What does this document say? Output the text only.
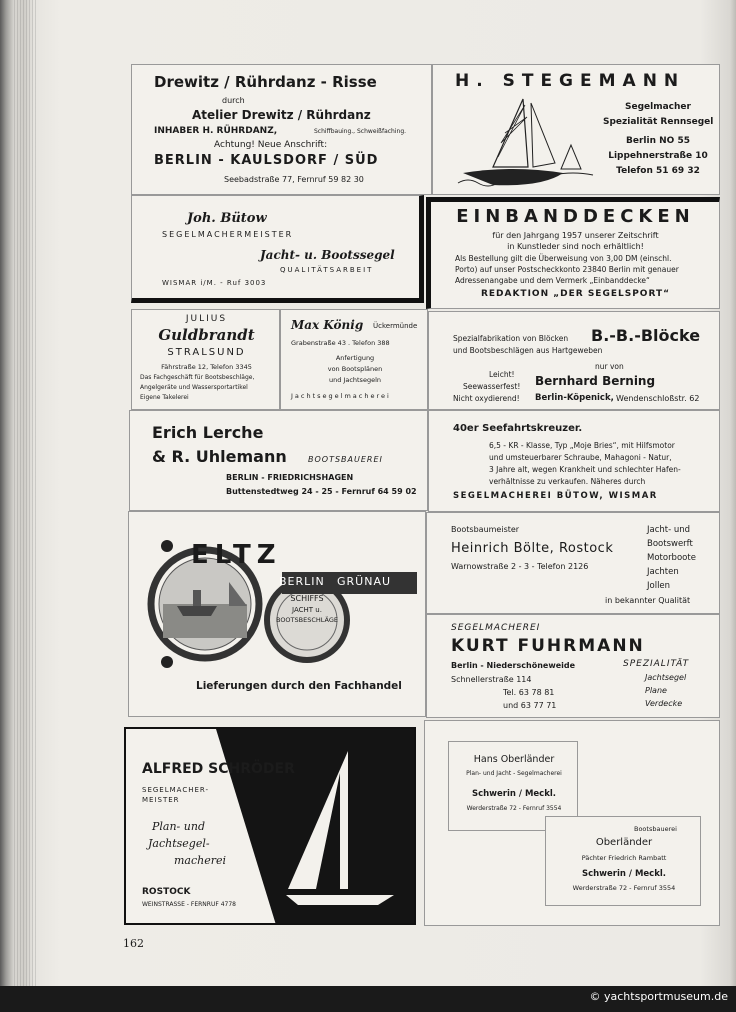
Drewitz / Rührdanz - Risse
durch
Atelier Drewitz / Rührdanz
INHABER H. RÜHRDANZ,	Schiffbauing., Schweißfaching.
Achtung! Neue Anschrift:
BERLIN - KAULSDORF / SÜD
Seebadstraße 77, Fernruf 59 82 30
H. STEGEMANN
Segelmacher
Spezialität Rennsegel
Berlin NO 55
Lippehnerstraße 10
Telefon 51 69 32
Joh. Bütow
SEGELMACHERMEISTER
Jacht- u. Bootssegel
QUALITÄTSARBEIT
WISMAR i/M. - Ruf 3003
EINBANDDECKEN
für den Jahrgang 1957 unserer Zeitschrift
in Kunstleder sind noch erhältlich!
Als Bestellung gilt die Überweisung von 3,00 DM (einschl.
Porto) auf unser Postscheckkonto 23840 Berlin mit genauer
Adressenangabe und dem Vermerk „Einbanddecke“
REDAKTION „DER SEGELSPORT“
JULIUS
Guldbrandt
STRALSUND
Fährstraße 12, Telefon 3345
Das Fachgeschäft für Bootsbeschläge,
Angelgeräte und Wassersportartikel
Eigene Takelerei
Max König Ückermünde
Grabenstraße 43 . Telefon 388
Anfertigung
von Bootsplänen
und Jachtsegeln
Jachtsegelmacherei
Spezialfabrikation von Blöcken B.-B.-Blöcke
und Bootsbeschlägen aus Hartgeweben
nur von
Leicht!
Seewasserfest! Bernhard Berning
Nicht oxydierend! Berlin-Köpenick, Wendenschloßstr. 62
Erich Lerche
& R. Uhlemann	BOOTSBAUEREI
BERLIN - FRIEDRICHSHAGEN
Buttenstedtweg 24 - 25 - Fernruf 64 59 02
40er Seefahrtskreuzer.
6,5 - KR - Klasse, Typ „Moje Bries“, mit Hilfsmotor
und umsteuerbarer Schraube, Mahagoni - Natur,
3 Jahre alt, wegen Krankheit und schlechter Hafen-
verhältnisse zu verkaufen. Näheres durch
SEGELMACHEREI BÜTOW, WISMAR
ELTZ
BERLIN GRÜNAU
SCHIFFS
JACHT u.
BOOTSBESCHLÄGE
Lieferungen durch den Fachhandel
Bootsbaumeister
Heinrich Bölte, Rostock
Warnowstraße 2 - 3 - Telefon 2126
Jacht- und
Bootswerft
Motorboote
Jachten
Jollen
in bekannter Qualität
SEGELMACHEREI
KURT FUHRMANN
Berlin - Niederschöneweide	SPEZIALITÄT
Schnellerstraße 114	Jachtsegel
Tel. 63 78 81	Plane
und 63 77 71	Verdecke
ALFRED SCHRÖDER
SEGELMACHER-
MEISTER
Plan- und
Jachtsegel-
macherei
ROSTOCK
WEINSTRASSE - FERNRUF 4778
Hans Oberländer
Plan- und Jacht - Segelmacherei
Schwerin / Meckl.
Werderstraße 72 - Fernruf 3554
Bootsbauerei
Oberländer
Pächter Friedrich Rambatt
Schwerin / Meckl.
Werderstraße 72 - Fernruf 3554
162
© yachtsportmuseum.de
